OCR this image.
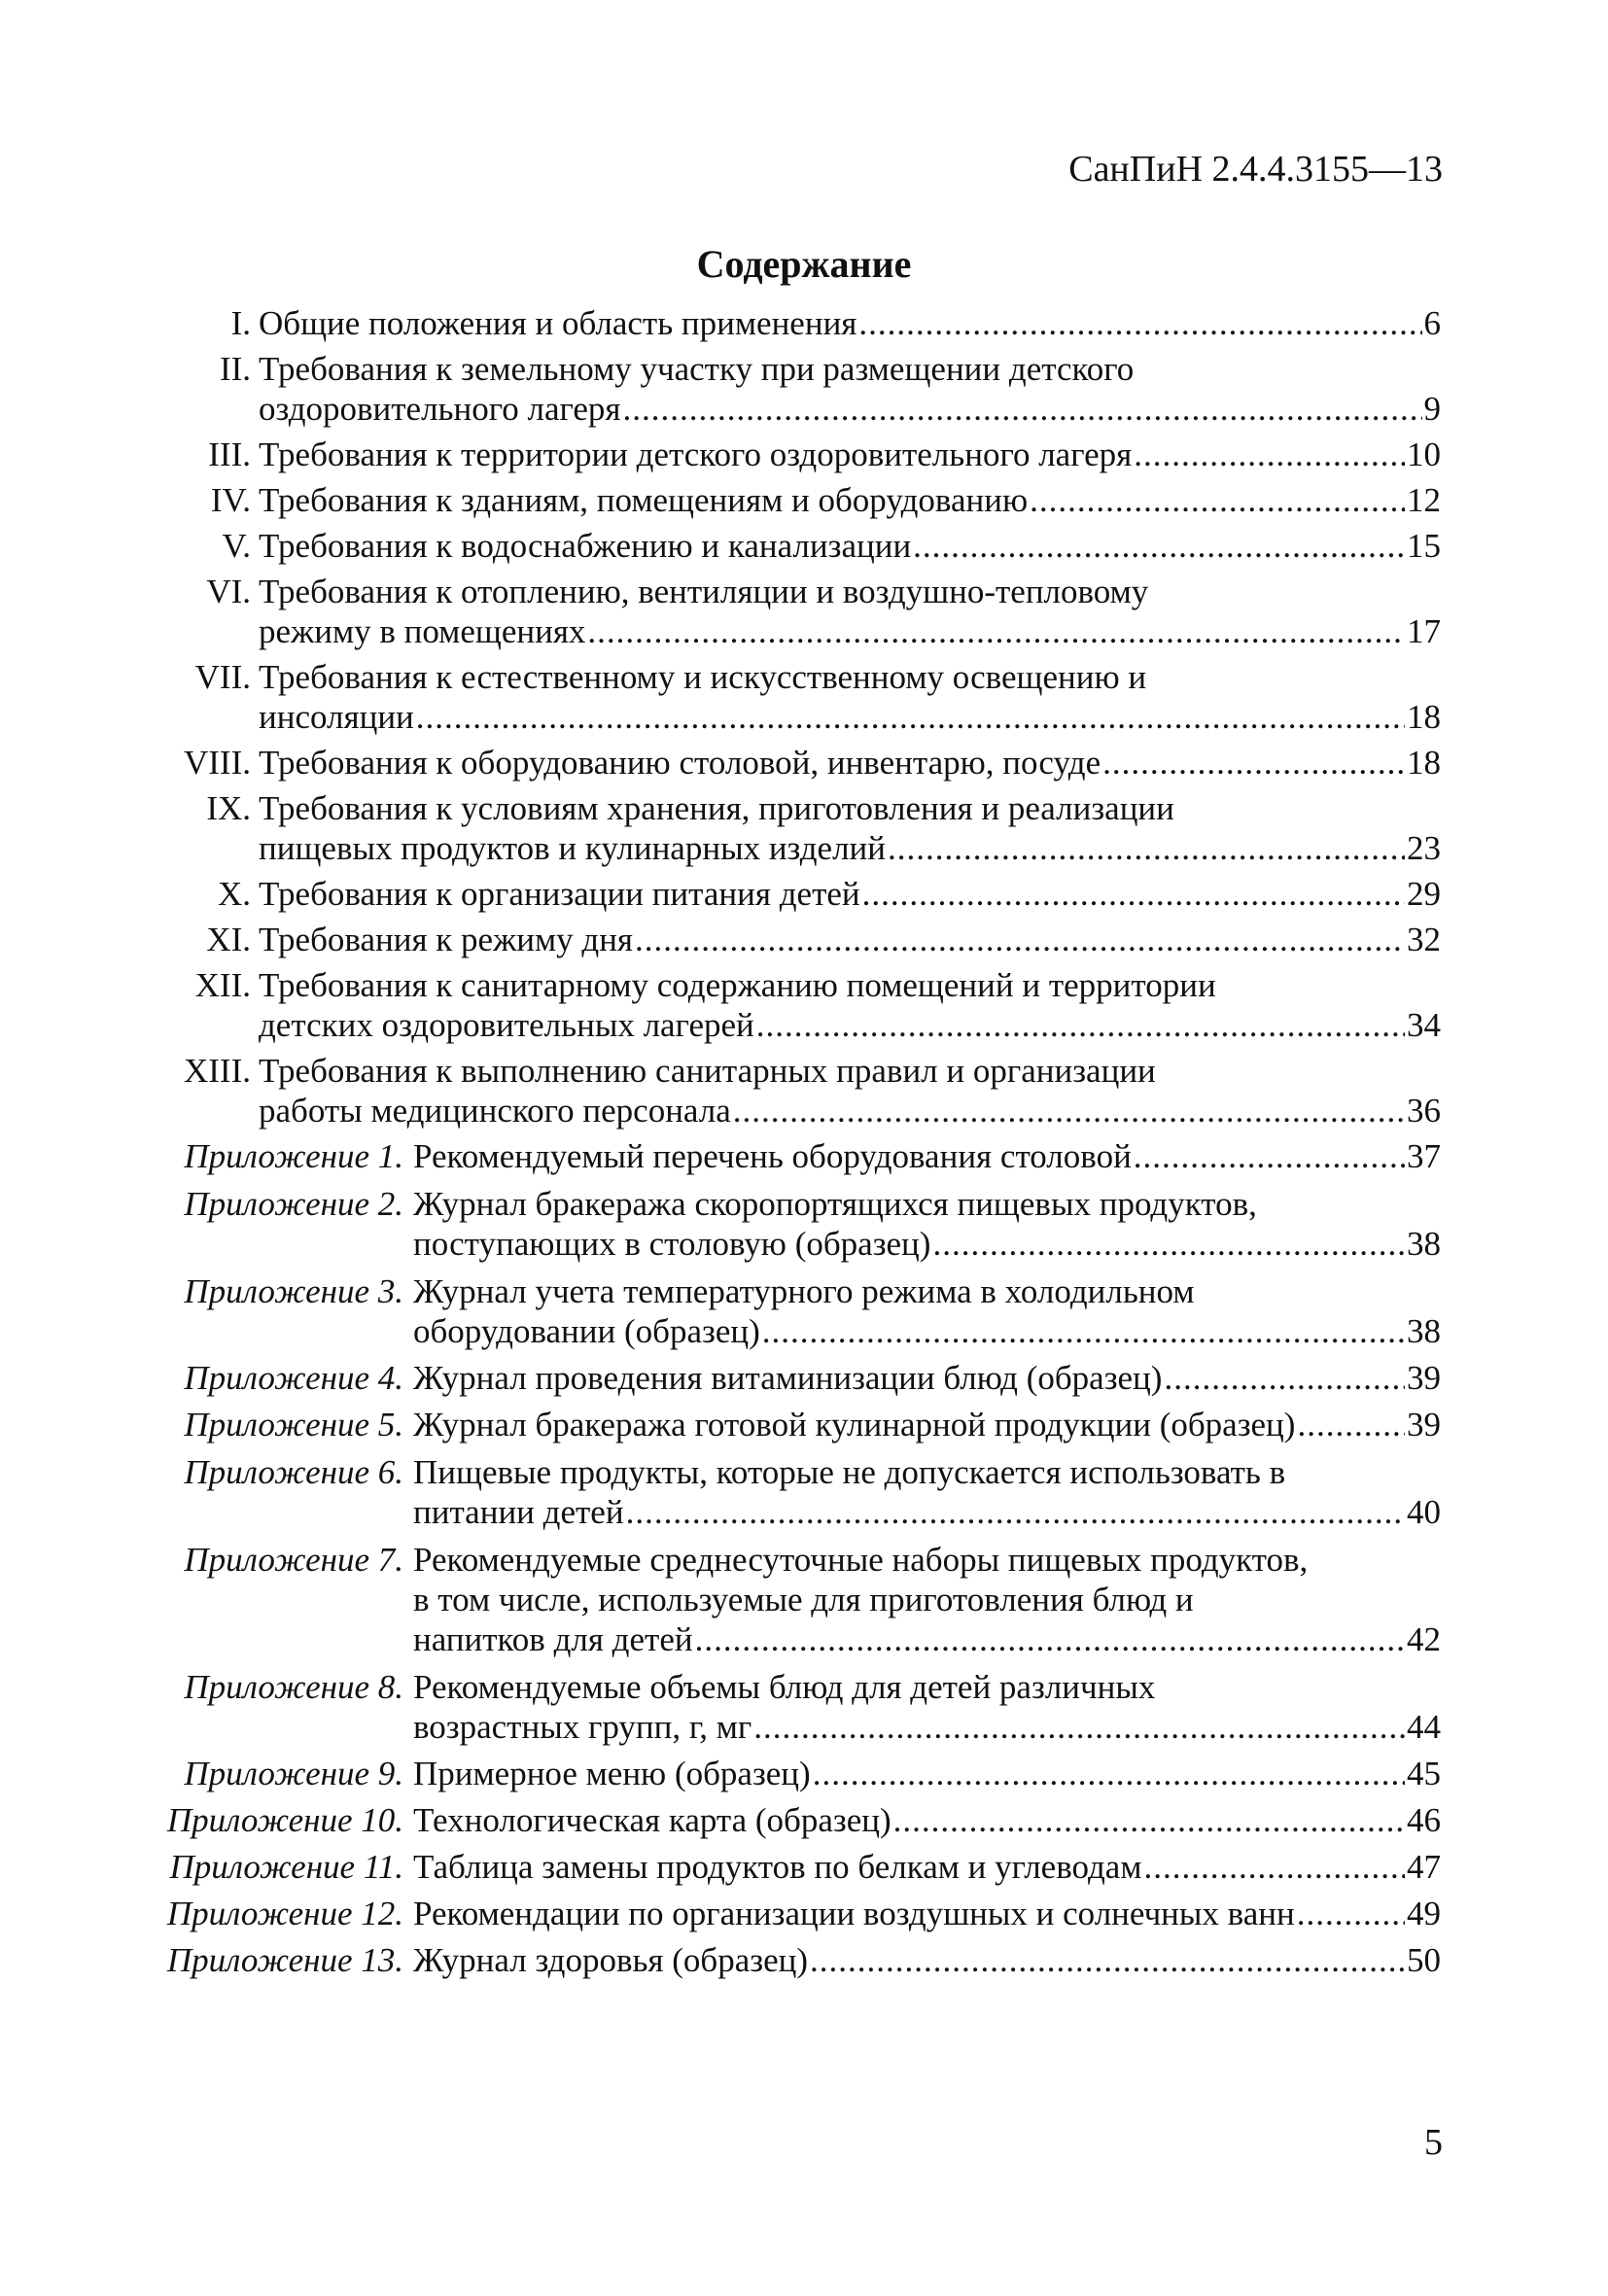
СанПиН 2.4.4.3155—13
Содержание
I. Общие положения и область применения .....	6
II. Требования к земельному участку при размещении детского
оздоровительного лагеря .....	9
III. Требования к территории детского оздоровительного лагеря .....	10
IV. Требования к зданиям, помещениям и оборудованию .....	12
V. Требования к водоснабжению и канализации .....	15
VI. Требования к отоплению, вентиляции и воздушно-тепловому
режиму в помещениях .....	17
VII. Требования к естественному и искусственному освещению и
инсоляции .....	18
VIII. Требования к оборудованию столовой, инвентарю, посуде .....	18
IX. Требования к условиям хранения, приготовления и реализации
пищевых продуктов и кулинарных изделий .....	23
X. Требования к организации питания детей .....	29
XI. Требования к режиму дня .....	32
XII. Требования к санитарному содержанию помещений и территории
детских оздоровительных лагерей .....	34
XIII. Требования к выполнению санитарных правил и организации
работы медицинского персонала .....	36
Приложение 1. Рекомендуемый перечень оборудования столовой .....	37
Приложение 2. Журнал бракеража скоропортящихся пищевых продуктов,
поступающих в столовую (образец) .....	38
Приложение 3. Журнал учета температурного режима в холодильном
оборудовании (образец) .....	38
Приложение 4. Журнал проведения витаминизации блюд (образец) .....	39
Приложение 5. Журнал бракеража готовой кулинарной продукции (образец) .....	39
Приложение 6. Пищевые продукты, которые не допускается использовать в
питании детей .....	40
Приложение 7. Рекомендуемые среднесуточные наборы пищевых продуктов,
в том числе, используемые для приготовления блюд и
напитков для детей .....	42
Приложение 8. Рекомендуемые объемы блюд для детей различных
возрастных групп, г, мг .....	44
Приложение 9. Примерное меню (образец) .....	45
Приложение 10. Технологическая карта (образец) .....	46
Приложение 11. Таблица замены продуктов по белкам и углеводам .....	47
Приложение 12. Рекомендации по организации воздушных и солнечных ванн .....	49
Приложение 13. Журнал здоровья (образец) .....	50
5
